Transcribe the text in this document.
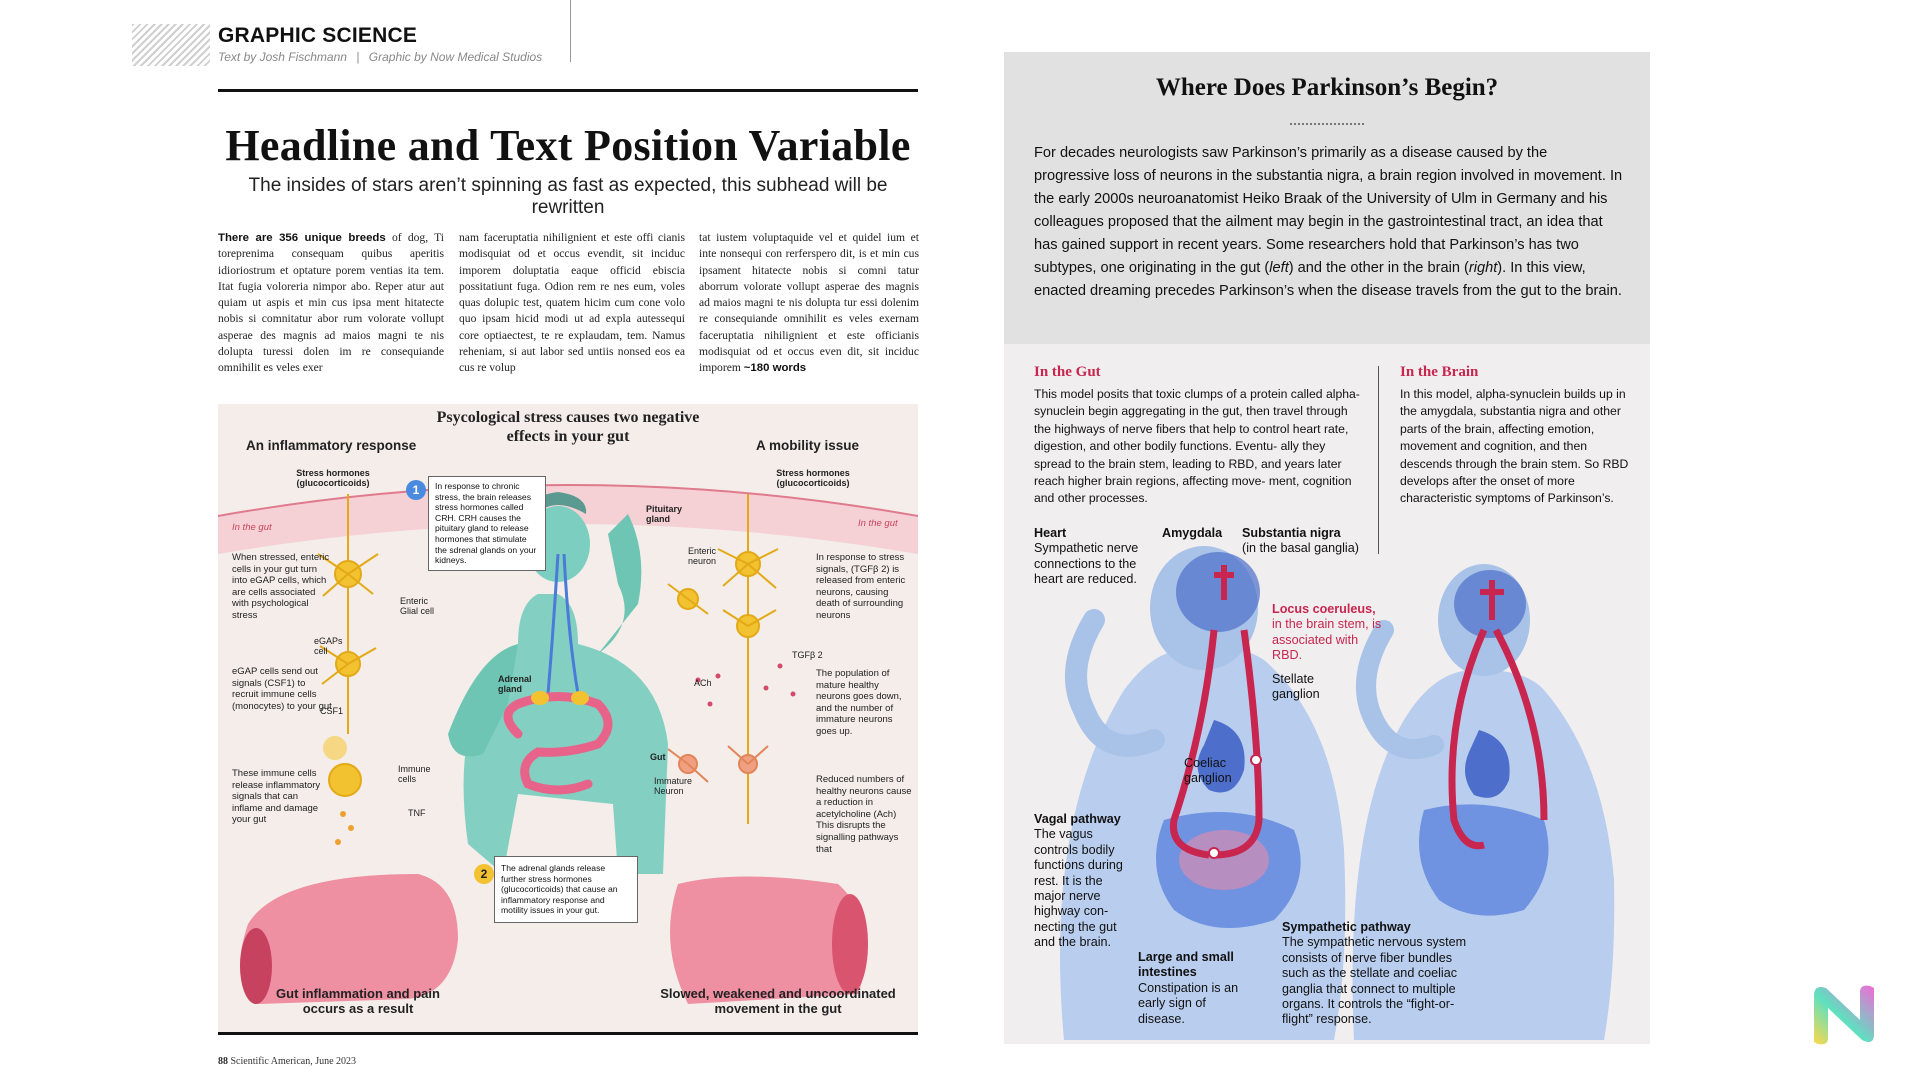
GRAPHIC SCIENCE
Text by Josh Fischmann | Graphic by Now Medical Studios
Headline and Text Position Variable
The insides of stars aren’t spinning as fast as expected, this subhead will be rewritten
There are 356 unique breeds of dog, Ti toreprenima consequam quibus aperitis idioriostrum et optature porem ventias ita tem. Itat fugia voloreria nimpor abo. Reper atur aut quiam ut aspis et min cus ipsa ment hitatecte nobis si comnitatur abor rum volorate vollupt asperae des magnis ad maios magni te nis dolupta turessi dolen im re consequiande omnihilit es veles exer
nam faceruptatia nihilignient et este offi cianis modisquiat od et occus evendit, sit inciduc imporem doluptatia eaque officid ebiscia possitatiunt fuga. Odion rem re nes eum, voles quas dolupic test, quatem hicim cum cone volo quo ipsam hicid modi ut ad expla autessequi core optiaectest, te re explaudam, tem. Namus reheniam, si aut labor sed untiis nonsed eos ea cus re volup
tat iustem voluptaquide vel et quidel ium et inte nonsequi con rerferspero dit, is et min cus ipsament hitatecte nobis si comni tatur aborrum volorate vollupt asperae des magnis ad maios magni te nis dolupta tur essi dolenim re consequiande omnihilit es veles exernam faceruptatia nihilignient et este officianis modisquiat od et occus even dit, sit inciduc imporem ~180 words
Psycological stress causes two negative effects in your gut
An inflammatory response	A mobility issue
Stress hormones (glucocorticoids)
Stress hormones (glucocorticoids)
In the gut	In the gut
1	In response to chronic stress, the brain releases stress hormones called CRH. CRH causes the pituitary gland to release hormones that stimulate the sdrenal glands on your kidneys.
2	The adrenal glands release further stress hormones (glucocorticoids) that cause an inflammatory response and motility issues in your gut.
When stressed, enteric cells in your gut turn into eGAP cells, which are cells associated with psychological stress
eGAP cells send out signals (CSF1) to recruit immune cells (monocytes) to your gut
These immune cells release inflammatory signals that can inflame and damage your gut
In response to stress signals, (TGFβ 2) is released from enteric neurons, causing death of surrounding neurons
The population of mature healthy neurons goes down, and the number of immature neurons goes up.
Reduced numbers of healthy neurons cause a reduction in acetylcholine (Ach) This disrupts the signalling pathways that
Enteric Glial cell
eGAPs cell
CSF1
Immune cells
TNF
Pituitary gland
Adrenal gland
Gut
Enteric neuron
TGFβ 2
ACh
Immature Neuron
Gut inflammation and pain occurs as a result
Slowed, weakened and uncoordinated movement in the gut
88 Scientific American, June 2023
Where Does Parkinson’s Begin?
For decades neurologists saw Parkinson’s primarily as a disease caused by the progressive loss of neurons in the substantia nigra, a brain region involved in movement. In the early 2000s neuroanatomist Heiko Braak of the University of Ulm in Germany and his colleagues proposed that the ailment may begin in the gastrointestinal tract, an idea that has gained support in recent years. Some researchers hold that Parkinson’s has two subtypes, one originating in the gut (left) and the other in the brain (right). In this view, enacted dreaming precedes Parkinson’s when the disease travels from the gut to the brain.
In the Gut
This model posits that toxic clumps of a protein called alpha-synuclein begin aggregating in the gut, then travel through the highways of nerve fibers that help to control heart rate, digestion, and other bodily functions. Eventu- ally they spread to the brain stem, leading to RBD, and years later reach higher brain regions, affecting move- ment, cognition and other processes.
In the Brain
In this model, alpha-synuclein builds up in the amygdala, substantia nigra and other parts of the brain, affecting emotion, movement and cognition, and then descends through the brain stem. So RBD develops after the onset of more characteristic symptoms of Parkinson’s.
Heart
Sympathetic nerve connections to the heart are reduced.
Amygdala Substantia nigra
(in the basal ganglia)
Locus coeruleus,
in the brain stem, is associated with RBD.
Stellate ganglion
Coeliac ganglion
Vagal pathway
The vagus controls bodily functions during rest. It is the major nerve highway con- necting the gut and the brain.
Large and small intestines
Constipation is an early sign of disease.
Sympathetic pathway
The sympathetic nervous system consists of nerve fiber bundles such as the stellate and coeliac ganglia that connect to multiple organs. It controls the “fight-or-flight” response.
